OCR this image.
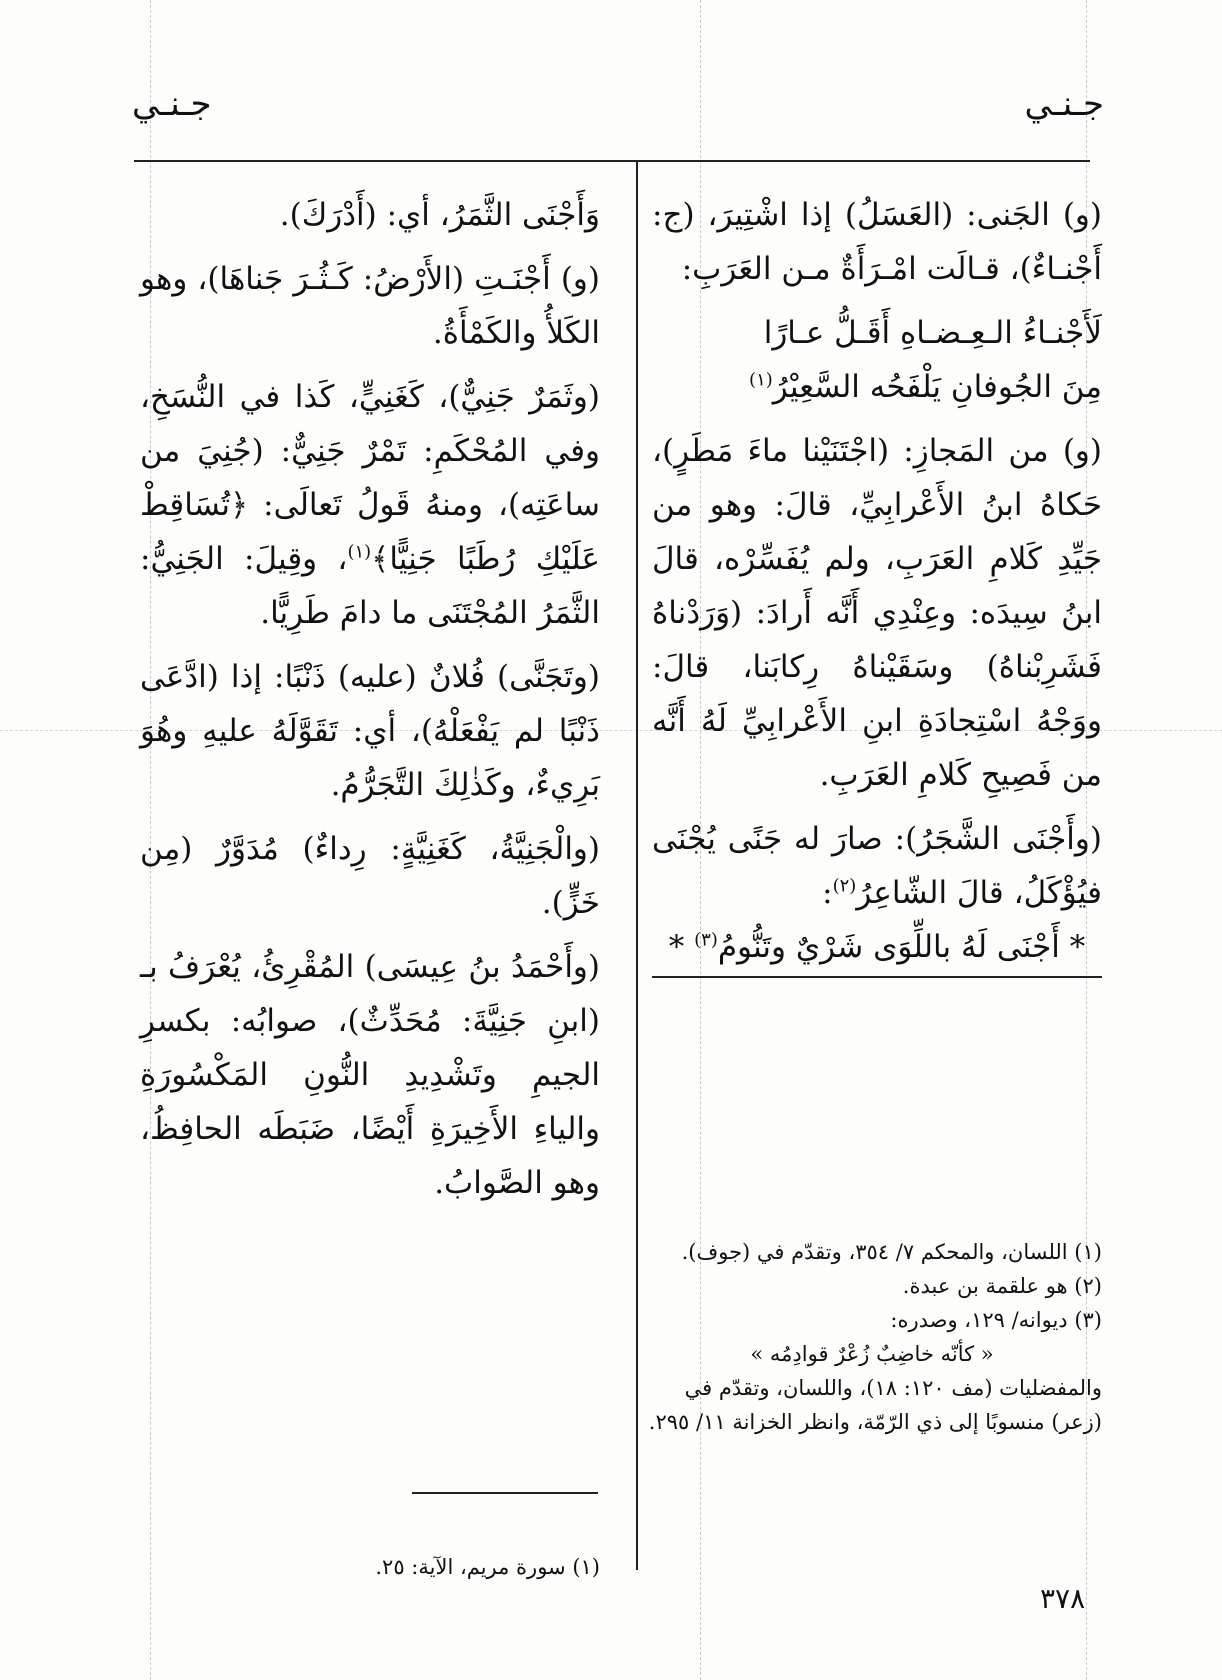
جـنـي
جـنـي

(و) الجَنى: (العَسَلُ) إذا اشْتِيرَ، (ج: أَجْنـاءٌ)، قـالَت امْـرَأَةٌ مـن العَرَبِ:

لَأَجْنـاءُ الـعِـضـاهِ أَقَـلُّ عـارًا

مِنَ الجُوفانِ يَلْفَحُه السَّعِيْرُ$^{(١)}$

(و) من المَجازِ: (اجْتَنَيْنا ماءَ مَطَرٍ)، حَكاهُ ابنُ الأَعْرابِيِّ، قالَ: وهو من جَيِّدِ كَلامِ العَرَبِ، ولم يُفَسِّرْه، قالَ ابنُ سِيدَه: وعِنْدِي أَنَّه أَرادَ: (وَرَدْناهُ فَشَرِبْناهُ) وسَقَيْناهُ رِكابَنا، قالَ: ووَجْهُ اسْتِجادَةِ ابنِ الأَعْرابِيِّ لَهُ أَنَّه من فَصِيحِ كَلامِ العَرَبِ.

(وأَجْنَى الشَّجَرُ): صارَ له جَنًى يُجْنَى فيُؤْكَلُ، قالَ الشّاعِرُ$^{(٢)}$:

* أَجْنَى لَهُ باللِّوَى شَرْيٌ وتَنُّومُ$^{(٣)}$ *

وَأَجْنَى الثَّمَرُ، أي: (أَدْرَكَ).

(و) أَجْنَـتِ (الأَرْضُ: كَـثُـرَ جَناهَا)، وهو الكَلأُ والكَمْأَةُ.

(وثَمَرٌ جَنِيٌّ)، كَغَنِيٍّ، كَذا في النُّسَخِ، وفي المُحْكَمِ: تَمْرٌ جَنِيٌّ: (جُنِيَ من ساعَتِه)، ومنهُ قَولُ تَعالَى: ﴿تُسَاقِطْ عَلَيْكِ رُطَبًا جَنِيًّا﴾$^{(١)}$، وقِيلَ: الجَنِيُّ: الثَّمَرُ المُجْتَنَى ما دامَ طَرِيًّا.

(وتَجَنَّى) فُلانٌ (عليه) ذَنْبًا: إذا (ادَّعَى ذَنْبًا لم يَفْعَلْهُ)، أي: تَقَوَّلَهُ عليهِ وهُوَ بَرِيءٌ، وكَذٰلِكَ التَّجَرُّمُ.

(والْجَنِيَّةُ، كَغَنِيَّةٍ: رِداءٌ) مُدَوَّرٌ (مِن خَزٍّ).

(وأَحْمَدُ بنُ عِيسَى) المُقْرِئُ، يُعْرَفُ بـ (ابنِ جَنِيَّةَ: مُحَدِّثٌ)، صوابُه: بكسرِ الجيمِ وتَشْدِيدِ النُّونِ المَكْسُورَةِ والياءِ الأَخِيرَةِ أَيْضًا، ضَبَطَه الحافِظُ، وهو الصَّوابُ.

(١) اللسان، والمحكم ٧/ ٣٥٤، وتقدّم في (جوف).
(٢) هو علقمة بن عبدة.
(٣) ديوانه/ ١٢٩، وصدره:
« كأنّه خاضِبٌ زُعْرٌ قوادِمُه »
والمفضليات (مف ١٢٠: ١٨)، واللسان، وتقدّم في (زعر) منسوبًا إلى ذي الرّمّة، وانظر الخزانة ١١/ ٢٩٥.
(١) سورة مريم، الآية: ٢٥.
٣٧٨
